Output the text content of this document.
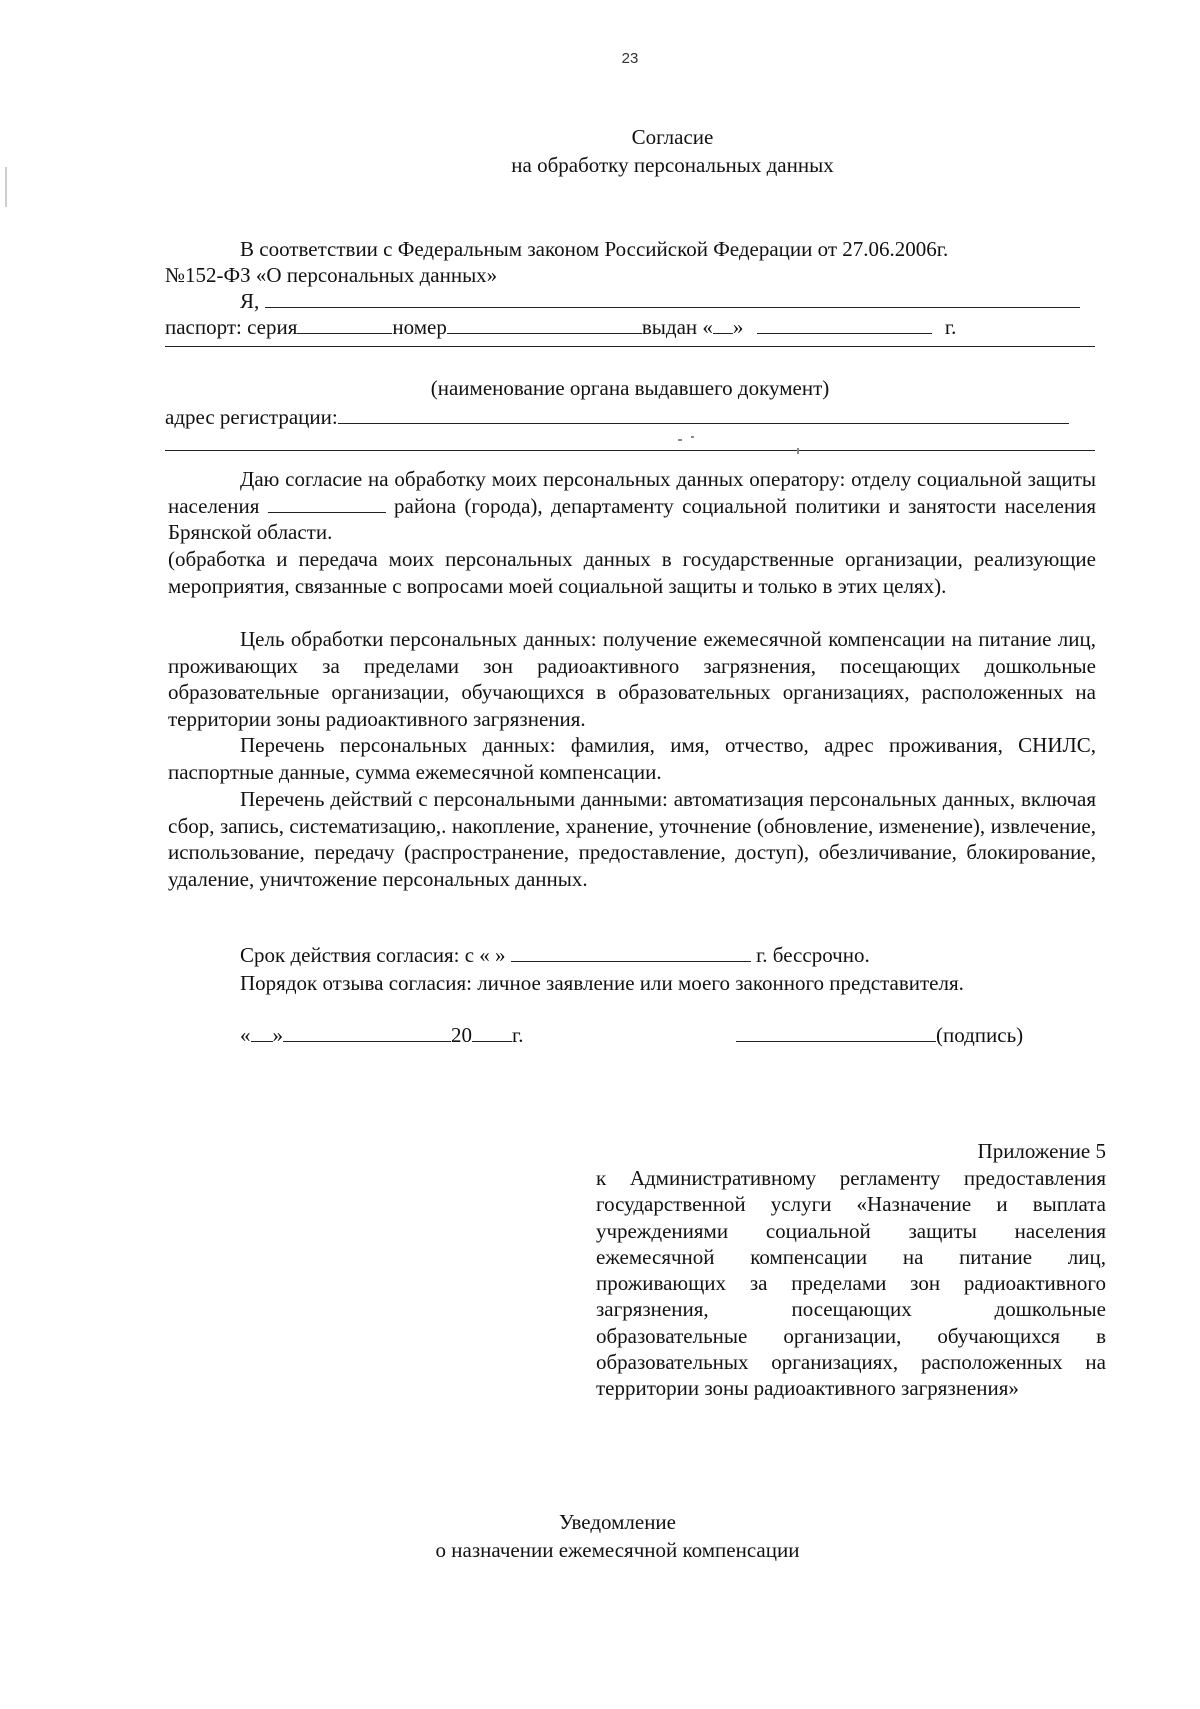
23
Согласие
на обработку персональных данных
В соответствии с Федеральным законом Российской Федерации от 27.06.2006г.
№152-ФЗ «О персональных данных»
Я,
паспорт: серия	номер	выдан « »	г.
(наименование органа выдавшего документ)
адрес регистрации:
Даю согласие на обработку моих персональных данных оператору: отделу социальной защиты населения	района (города), департаменту социальной политики и занятости населения Брянской области.
(обработка и передача моих персональных данных в государственные организации, реализующие мероприятия, связанные с вопросами моей социальной защиты и только в этих целях).
Цель обработки персональных данных: получение ежемесячной компенсации на питание лиц, проживающих за пределами зон радиоактивного загрязнения, посещающих дошкольные образовательные организации, обучающихся в образовательных организациях, расположенных на территории зоны радиоактивного загрязнения.
Перечень персональных данных: фамилия, имя, отчество, адрес проживания, СНИЛС, паспортные данные, сумма ежемесячной компенсации.
Перечень действий с персональными данными: автоматизация персональных данных, включая сбор, запись, систематизацию,. накопление, хранение, уточнение (обновление, изменение), извлечение, использование, передачу (распространение, предоставление, доступ), обезличивание, блокирование, удаление, уничтожение персональных данных.
Срок действия согласия: с « »	г. бессрочно.
Порядок отзыва согласия: личное заявление или моего законного представителя.
« »	20 г.	(подпись)
Приложение 5
к Административному регламенту предоставления государственной услуги «Назначение и выплата учреждениями социальной защиты населения ежемесячной компенсации на питание лиц, проживающих за пределами зон радиоактивного загрязнения, посещающих дошкольные образовательные организации, обучающихся в образовательных организациях, расположенных на территории зоны радиоактивного загрязнения»
Уведомление
о назначении ежемесячной компенсации
